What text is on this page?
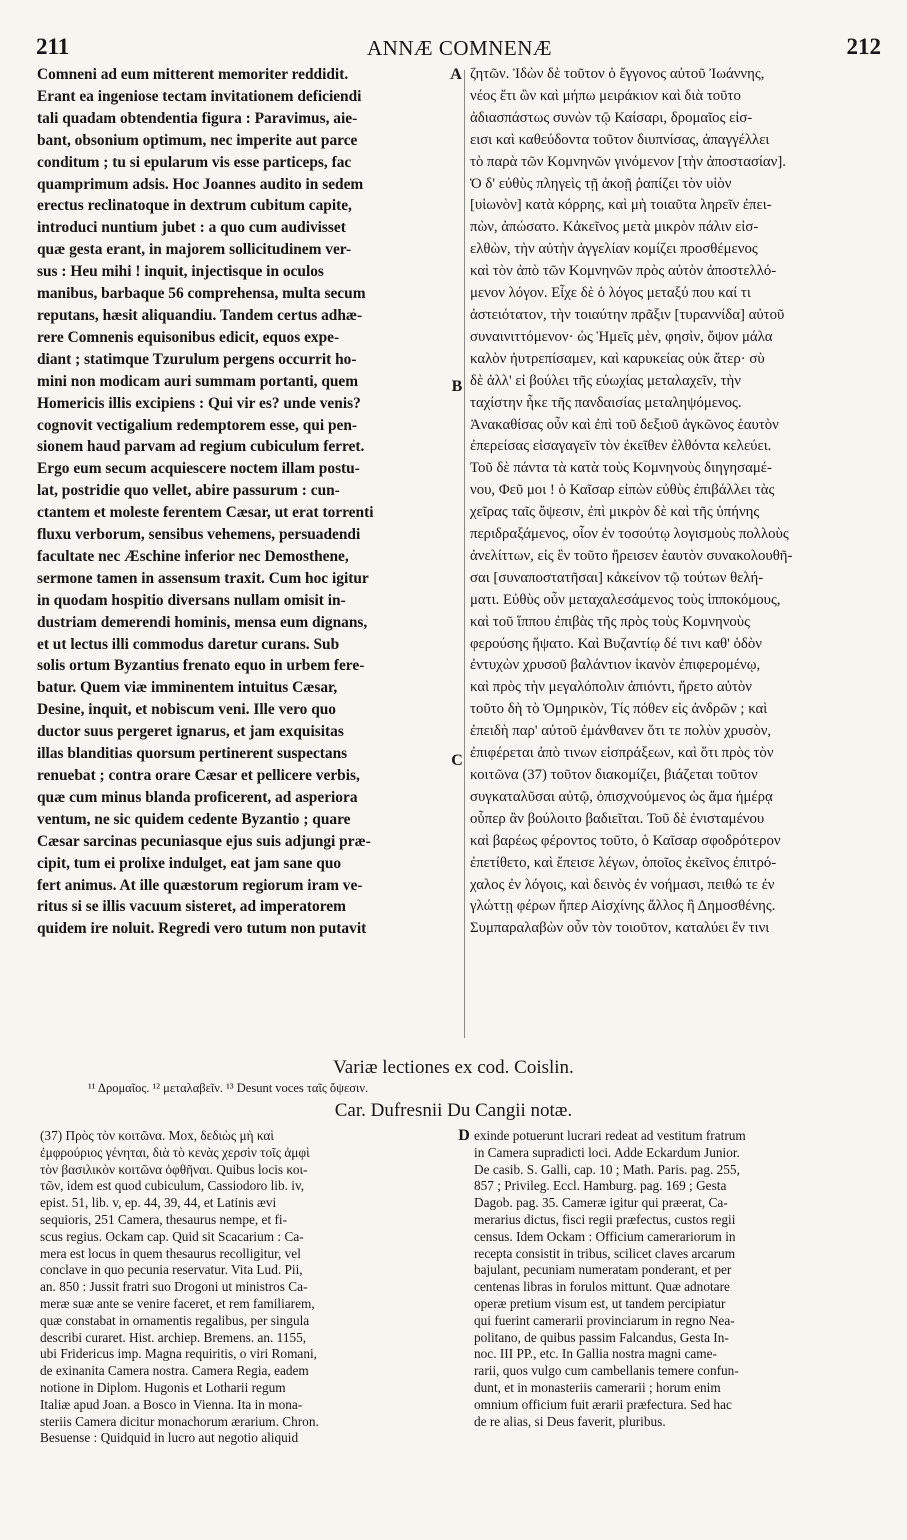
211	ANNÆ COMNENÆ	212
Comneni ad eum mitterent memoriter reddidit.
Erant ea ingeniose tectam invitationem deficiendi
tali quadam obtendentia figura : Paravimus, aie-
bant, obsonium optimum, nec imperite aut parce
conditum ; tu si epularum vis esse particeps, fac
quamprimum adsis. Hoc Joannes audito in sedem
erectus reclinatoque in dextrum cubitum capite,
introduci nuntium jubet : a quo cum audivisset
quæ gesta erant, in majorem sollicitudinem ver-
sus : Heu mihi ! inquit, injectisque in oculos
manibus, barbaque 56 comprehensa, multa secum
reputans, hæsit aliquandiu. Tandem certus adhæ-
rere Comnenis equisonibus edicit, equos expe-
diant ; statimque Tzurulum pergens occurrit ho-
mini non modicam auri summam portanti, quem
Homericis illis excipiens : Qui vir es? unde venis?
cognovit vectigalium redemptorem esse, qui pen-
sionem haud parvam ad regium cubiculum ferret.
Ergo eum secum acquiescere noctem illam postu-
lat, postridie quo vellet, abire passurum : cun-
ctantem et moleste ferentem Cæsar, ut erat torrenti
fluxu verborum, sensibus vehemens, persuadendi
facultate nec Æschine inferior nec Demosthene,
sermone tamen in assensum traxit. Cum hoc igitur
in quodam hospitio diversans nullam omisit in-
dustriam demerendi hominis, mensa eum dignans,
et ut lectus illi commodus daretur curans. Sub
solis ortum Byzantius frenato equo in urbem fere-
batur. Quem viæ imminentem intuitus Cæsar,
Desine, inquit, et nobiscum veni. Ille vero quo
ductor suus pergeret ignarus, et jam exquisitas
illas blanditias quorsum pertinerent suspectans
renuebat ; contra orare Cæsar et pellicere verbis,
quæ cum minus blanda proficerent, ad asperiora
ventum, ne sic quidem cedente Byzantio ; quare
Cæsar sarcinas pecuniasque ejus suis adjungi præ-
cipit, tum ei prolixe indulget, eat jam sane quo
fert animus. At ille quæstorum regiorum iram ve-
ritus si se illis vacuum sisteret, ad imperatorem
quidem ire noluit. Regredi vero tutum non putavit
ζητῶν. Ἰδὼν δὲ τοῦτον ὁ ἔγγονος αὐτοῦ Ἰωάννης,
νέος ἔτι ὢν καὶ μήπω μειράκιον καὶ διὰ τοῦτο
ἀδιασπάστως συνὼν τῷ Καίσαρι, δρομαῖος εἰσ-
εισι καὶ καθεύδοντα τοῦτον διυπνίσας, ἀπαγγέλλει
τὸ παρὰ τῶν Κομνηνῶν γινόμενον [τὴν ἀποστασίαν].
Ὁ δ' εὐθὺς πληγεὶς τῇ ἀκοῇ ῥαπίζει τὸν υἱὸν
[υἱωνὸν] κατὰ κόρρης, καὶ μὴ τοιαῦτα ληρεῖν ἐπει-
πὼν, ἀπώσατο. Κἀκεῖνος μετὰ μικρὸν πάλιν εἰσ-
ελθὼν, τὴν αὐτὴν ἀγγελίαν κομίζει προσθέμενος
καὶ τὸν ἀπὸ τῶν Κομνηνῶν πρὸς αὐτὸν ἀποστελλό-
μενον λόγον. Εἶχε δὲ ὁ λόγος μεταξύ που καί τι
ἀστειότατον, τὴν τοιαύτην πρᾶξιν [τυραννίδα] αὐτοῦ
συναινιττόμενον· ὡς Ἡμεῖς μὲν, φησὶν, ὄψον μάλα
καλὸν ἠυτρεπίσαμεν, καὶ καρυκείας οὐκ ἄτερ· σὺ
δὲ ἀλλ' εἰ βούλει τῆς εὐωχίας μεταλαχεῖν, τὴν
ταχίστην ἧκε τῆς πανδαισίας μεταληψόμενος.
Ἀνακαθίσας οὖν καὶ ἐπὶ τοῦ δεξιοῦ ἀγκῶνος ἑαυτὸν
ἐπερείσας εἰσαγαγεῖν τὸν ἐκεῖθεν ἐλθόντα κελεύει.
Τοῦ δὲ πάντα τὰ κατὰ τοὺς Κομνηνοὺς διηγησαμέ-
νου, Φεῦ μοι ! ὁ Καῖσαρ εἰπὼν εὐθὺς ἐπιβάλλει τὰς
χεῖρας ταῖς ὄψεσιν, ἐπὶ μικρὸν δὲ καὶ τῆς ὑπήνης
περιδραξάμενος, οἷον ἐν τοσούτῳ λογισμοὺς πολλοὺς
ἀνελίττων, εἰς ἓν τοῦτο ἤρεισεν ἑαυτὸν συνακολουθῆ-
σαι [συναποστατῆσαι] κἀκείνον τῷ τούτων θελή-
ματι. Εὐθὺς οὖν μεταχαλεσάμενος τοὺς ἱπποκόμους,
καὶ τοῦ ἵππου ἐπιβὰς τῆς πρὸς τοὺς Κομνηνοὺς
φερούσης ἥψατο. Καὶ Βυζαντίῳ δέ τινι καθ' ὁδὸν
ἐντυχὼν χρυσοῦ βαλάντιον ἱκανὸν ἐπιφερομένῳ,
καὶ πρὸς τὴν μεγαλόπολιν ἀπιόντι, ἤρετο αὐτὸν
τοῦτο δὴ τὸ Ὁμηρικὸν, Τίς πόθεν εἰς ἀνδρῶν ; καὶ
ἐπειδὴ παρ' αὐτοῦ ἐμάνθανεν ὅτι τε πολὺν χρυσὸν,
ἐπιφέρεται ἀπὸ τινων εἰσπράξεων, καὶ ὅτι πρὸς τὸν
κοιτῶνα (37) τοῦτον διακομίζει, βιάζεται τοῦτον
συγκαταλῦσαι αὐτῷ, ὀπισχνούμενος ὡς ἅμα ἡμέρᾳ
οὗπερ ἂν βούλοιτο βαδιεῖται. Τοῦ δὲ ἐνισταμένου
καὶ βαρέως φέροντος τοῦτο, ὁ Καῖσαρ σφοδρότερον
ἐπετίθετο, καὶ ἔπεισε λέγων, ὁποῖος ἐκεῖνος ἐπιτρό-
χαλος ἐν λόγοις, καὶ δεινὸς ἐν νοήμασι, πειθώ τε ἐν
γλώττῃ φέρων ἥπερ Αἰσχίνης ἄλλος ἢ Δημοσθένης.
Συμπαραλαβὼν οὖν τὸν τοιοῦτον, καταλύει ἔν τινι
A
B
C
D
Variæ lectiones ex cod. Coislin.
¹¹ Δρομαῖος. ¹² μεταλαβεῖν. ¹³ Desunt voces ταῖς ὄψεσιν.
Car. Dufresnii Du Cangii notæ.
(37) Πρὸς τὸν κοιτῶνα. Mox, δεδιὼς μὴ καὶ
ἐμφρούριος γένηται, διὰ τὸ κενὰς χερσὶν τοῖς ἀμφὶ
τὸν βασιλικὸν κοιτῶνα ὀφθῆναι. Quibus locis κοι-
τῶν, idem est quod cubiculum, Cassiodoro lib. iv,
epist. 51, lib. v, ep. 44, 39, 44, et Latinis ævi
sequioris, 251 Camera, thesaurus nempe, et fi-
scus regius. Ockam cap. Quid sit Scacarium : Ca-
mera est locus in quem thesaurus recolligitur, vel
conclave in quo pecunia reservatur. Vita Lud. Pii,
an. 850 : Jussit fratri suo Drogoni ut ministros Ca-
meræ suæ ante se venire faceret, et rem familiarem,
quæ constabat in ornamentis regalibus, per singula
describi curaret. Hist. archiep. Bremens. an. 1155,
ubi Fridericus imp. Magna requiritis, o viri Romani,
de exinanita Camera nostra. Camera Regia, eadem
notione in Diplom. Hugonis et Lotharii regum
Italiæ apud Joan. a Bosco in Vienna. Ita in mona-
steriis Camera dicitur monachorum ærarium. Chron.
Besuense : Quidquid in lucro aut negotio aliquid
exinde potuerunt lucrari redeat ad vestitum fratrum
in Camera supradicti loci. Adde Eckardum Junior.
De casib. S. Galli, cap. 10 ; Math. Paris. pag. 255,
857 ; Privileg. Eccl. Hamburg. pag. 169 ; Gesta
Dagob. pag. 35. Cameræ igitur qui præerat, Ca-
merarius dictus, fisci regii præfectus, custos regii
census. Idem Ockam : Officium camerariorum in
recepta consistit in tribus, scilicet claves arcarum
bajulant, pecuniam numeratam ponderant, et per
centenas libras in forulos mittunt. Quæ adnotare
operæ pretium visum est, ut tandem percipiatur
qui fuerint camerarii provinciarum in regno Nea-
politano, de quibus passim Falcandus, Gesta In-
noc. III PP., etc. In Gallia nostra magni came-
rarii, quos vulgo cum cambellanis temere confun-
dunt, et in monasteriis camerarii ; horum enim
omnium officium fuit ærarii præfectura. Sed hac
de re alias, si Deus faverit, pluribus.
